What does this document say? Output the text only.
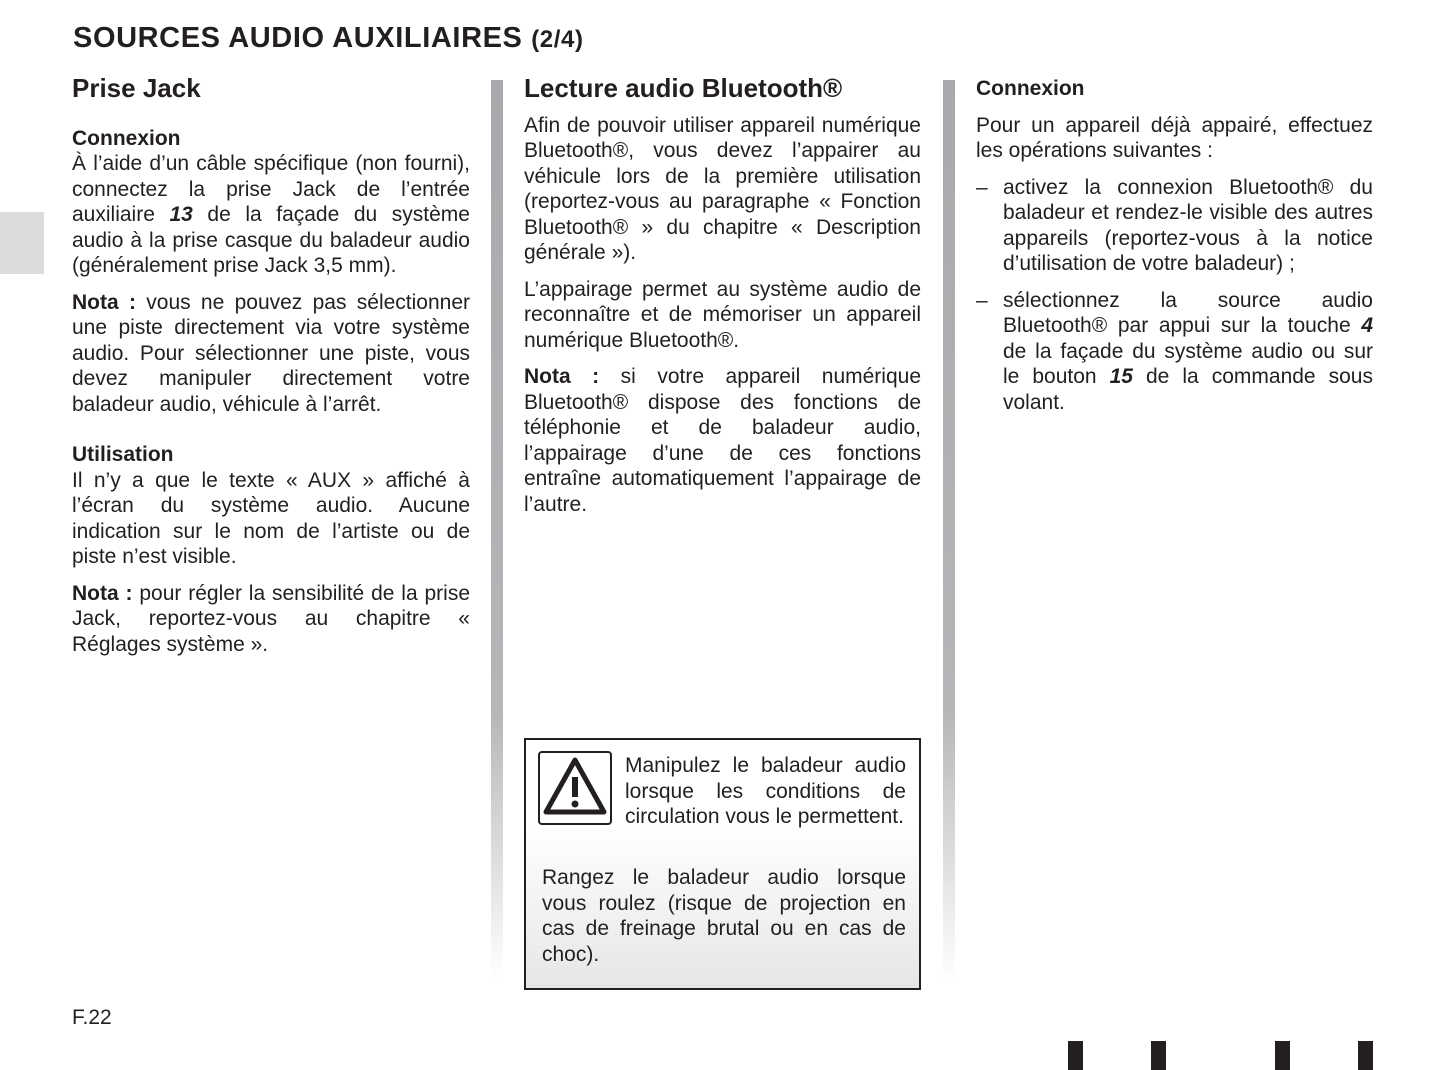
SOURCES AUDIO AUXILIAIRES (2/4)
Prise Jack
Connexion

À l’aide d’un câble spécifique (non fourni), connectez la prise Jack de l’entrée auxiliaire 13 de la façade du système audio à la prise casque du baladeur audio (généralement prise Jack 3,5 mm).

Nota : vous ne pouvez pas sélectionner une piste directement via votre système audio. Pour sélectionner une piste, vous devez manipuler directement votre baladeur audio, véhicule à l’arrêt.

Utilisation

Il n’y a que le texte « AUX » affiché à l’écran du système audio. Aucune indication sur le nom de l’artiste ou de piste n’est visible.

Nota : pour régler la sensibilité de la prise Jack, reportez-vous au chapitre « Réglages système ».

Lecture audio Bluetooth®

Afin de pouvoir utiliser appareil numérique Bluetooth®, vous devez l’appairer au véhicule lors de la première utilisation (reportez-vous au paragraphe « Fonction Bluetooth® » du chapitre « Description générale »).

L’appairage permet au système audio de reconnaître et de mémoriser un appareil numérique Bluetooth®.

Nota : si votre appareil numérique Bluetooth® dispose des fonctions de téléphonie et de baladeur audio, l’appairage d’une de ces fonctions entraîne automatiquement l’appairage de l’autre.

Manipulez le baladeur audio lorsque les conditions de circulation vous le permettent.

Rangez le baladeur audio lorsque vous roulez (risque de projection en cas de freinage brutal ou en cas de choc).

Connexion

Pour un appareil déjà appairé, effectuez les opérations suivantes :

– activez la connexion Bluetooth® du baladeur et rendez-le visible des autres appareils (reportez-vous à la notice d’utilisation de votre baladeur) ;
– sélectionnez la source audio Bluetooth® par appui sur la touche 4 de la façade du système audio ou sur le bouton 15 de la commande sous volant.
F.22
